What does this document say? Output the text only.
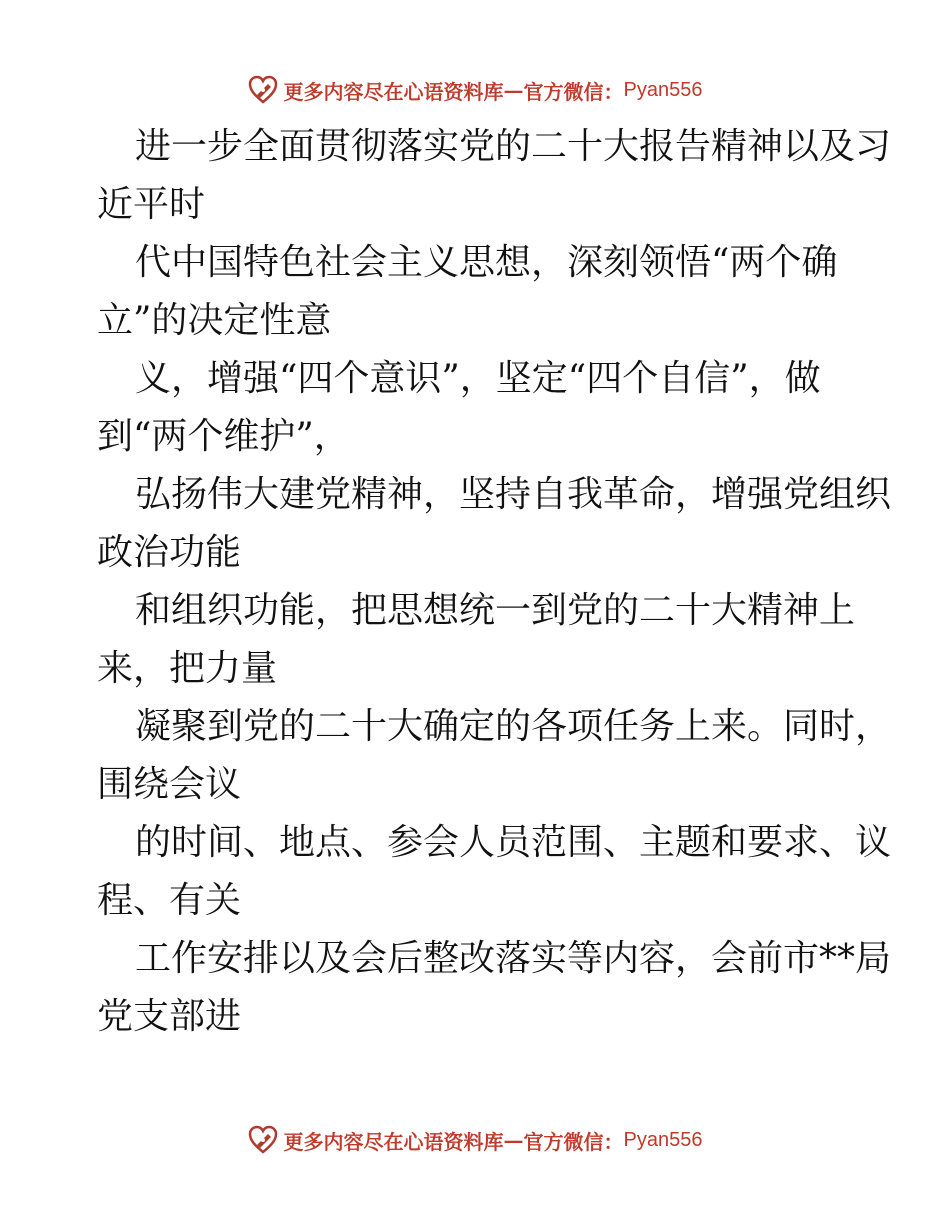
更多内容尽在心语资料库 — 官方微信： Pyan556
进一步全面贯彻落实党的二十大报告精神以及习
近平时
代中国特色社会主义思想，深刻领悟“两个确
立”的决定性意
义，增强“四个意识”，坚定“四个自信”，做
到“两个维护”，
弘扬伟大建党精神，坚持自我革命，增强党组织
政治功能
和组织功能，把思想统一到党的二十大精神上
来，把力量
凝聚到党的二十大确定的各项任务上来。同时，
围绕会议
的时间、地点、参会人员范围、主题和要求、议
程、有关
工作安排以及会后整改落实等内容，会前市**局
党支部进
更多内容尽在心语资料库 — 官方微信： Pyan556
